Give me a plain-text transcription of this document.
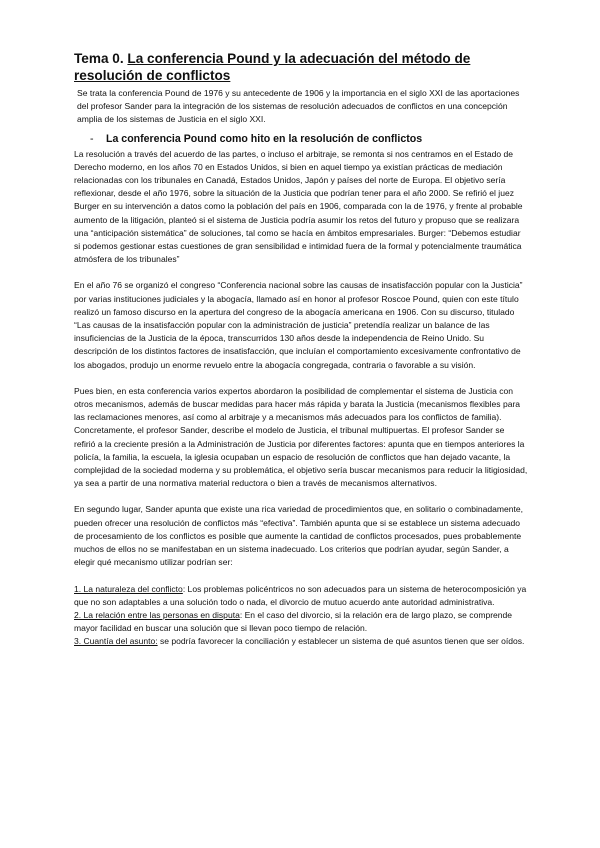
Tema 0. La conferencia Pound y la adecuación del método de resolución de conflictos

Se trata la conferencia Pound de 1976 y su antecedente de 1906 y la importancia en el siglo XXI de las aportaciones del profesor Sander para la integración de los sistemas de resolución adecuados de conflictos en una concepción amplia de los sistemas de Justicia en el siglo XXI.

-	La conferencia Pound como hito en la resolución de conflictos

La resolución a través del acuerdo de las partes, o incluso el arbitraje, se remonta si nos centramos en el Estado de Derecho moderno, en los años 70 en Estados Unidos, si bien en aquel tiempo ya existían prácticas de mediación relacionadas con los tribunales en Canadá, Estados Unidos, Japón y países del norte de Europa. El objetivo sería reflexionar, desde el año 1976, sobre la situación de la Justicia que podrían tener para el año 2000. Se refirió el juez Burger en su intervención a datos como la población del país en 1906, comparada con la de 1976, y frente al probable aumento de la litigación, planteó si el sistema de Justicia podría asumir los retos del futuro y propuso que se realizara una “anticipación sistemática” de soluciones, tal como se hacía en ámbitos empresariales. Burger: “Debemos estudiar si podemos gestionar estas cuestiones de gran sensibilidad e intimidad fuera de la formal y potencialmente traumática atmósfera de los tribunales”

En el año 76 se organizó el congreso “Conferencia nacional sobre las causas de insatisfacción popular con la Justicia” por varias instituciones judiciales y la abogacía, llamado así en honor al profesor Roscoe Pound, quien con este título realizó un famoso discurso en la apertura del congreso de la abogacía americana en 1906. Con su discurso, titulado “Las causas de la insatisfacción popular con la administración de justicia” pretendía realizar un balance de las insuficiencias de la Justicia de la época, transcurridos 130 años desde la independencia de Reino Unido. Su descripción de los distintos factores de insatisfacción, que incluían el comportamiento excesivamente confrontativo de los abogados, produjo un enorme revuelo entre la abogacía congregada, contraria o favorable a su visión.

Pues bien, en esta conferencia varios expertos abordaron la posibilidad de complementar el sistema de Justicia con otros mecanismos, además de buscar medidas para hacer más rápida y barata la Justicia (mecanismos flexibles para las reclamaciones menores, así como al arbitraje y a mecanismos más adecuados para los conflictos de familia). Concretamente, el profesor Sander, describe el modelo de Justicia, el tribunal multipuertas. El profesor Sander se refirió a la creciente presión a la Administración de Justicia por diferentes factores: apunta que en tiempos anteriores la policía, la familia, la escuela, la iglesia ocupaban un espacio de resolución de conflictos que han dejado vacante, la complejidad de la sociedad moderna y su problemática, el objetivo sería buscar mecanismos para reducir la litigiosidad, ya sea a partir de una normativa material reductora o bien a través de mecanismos alternativos.

En segundo lugar, Sander apunta que existe una rica variedad de procedimientos que, en solitario o combinadamente, pueden ofrecer una resolución de conflictos más “efectiva”. También apunta que si se establece un sistema adecuado de procesamiento de los conflictos es posible que aumente la cantidad de conflictos procesados, pues probablemente muchos de ellos no se manifestaban en un sistema inadecuado. Los criterios que podrían ayudar, según Sander, a elegir qué mecanismo utilizar podrían ser:

1. La naturaleza del conflicto: Los problemas policéntricos no son adecuados para un sistema de heterocomposición ya que no son adaptables a una solución todo o nada, el divorcio de mutuo acuerdo ante autoridad administrativa.

2. La relación entre las personas en disputa: En el caso del divorcio, si la relación era de largo plazo, se comprende mayor facilidad en buscar una solución que si llevan poco tiempo de relación.

3. Cuantía del asunto: se podría favorecer la conciliación y establecer un sistema de qué asuntos tienen que ser oídos.
